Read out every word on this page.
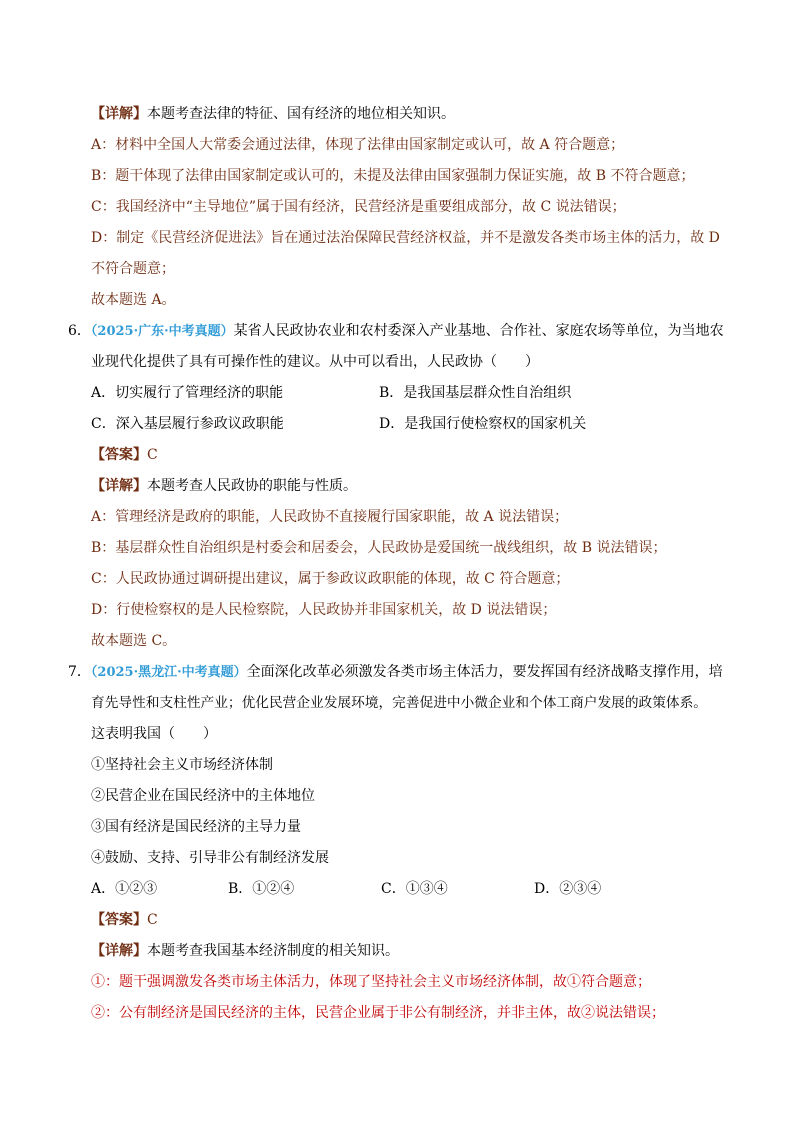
【详解】本题考查法律的特征、国有经济的地位相关知识。
A：材料中全国人大常委会通过法律，体现了法律由国家制定或认可，故 A 符合题意；
B：题干体现了法律由国家制定或认可的，未提及法律由国家强制力保证实施，故 B 不符合题意；
C：我国经济中“主导地位”属于国有经济，民营经济是重要组成部分，故 C 说法错误；
D：制定《民营经济促进法》旨在通过法治保障民营经济权益，并不是激发各类市场主体的活力，故 D
不符合题意；
故本题选 A。
6．（2025·广东·中考真题）某省人民政协农业和农村委深入产业基地、合作社、家庭农场等单位，为当地农
业现代化提供了具有可操作性的建议。从中可以看出，人民政协（　　）
A．切实履行了管理经济的职能	B．是我国基层群众性自治组织
C．深入基层履行参政议政职能	D．是我国行使检察权的国家机关
【答案】C
【详解】本题考查人民政协的职能与性质。
A：管理经济是政府的职能，人民政协不直接履行国家职能，故 A 说法错误；
B：基层群众性自治组织是村委会和居委会，人民政协是爱国统一战线组织，故 B 说法错误；
C：人民政协通过调研提出建议，属于参政议政职能的体现，故 C 符合题意；
D：行使检察权的是人民检察院，人民政协并非国家机关，故 D 说法错误；
故本题选 C。
7．（2025·黑龙江·中考真题）全面深化改革必须激发各类市场主体活力，要发挥国有经济战略支撑作用，培
育先导性和支柱性产业；优化民营企业发展环境，完善促进中小微企业和个体工商户发展的政策体系。
这表明我国（　　）
①坚持社会主义市场经济体制
②民营企业在国民经济中的主体地位
③国有经济是国民经济的主导力量
④鼓励、支持、引导非公有制经济发展
A．①②③	B．①②④	C．①③④	D．②③④
【答案】C
【详解】本题考查我国基本经济制度的相关知识。
①：题干强调激发各类市场主体活力，体现了坚持社会主义市场经济体制，故①符合题意；
②：公有制经济是国民经济的主体，民营企业属于非公有制经济，并非主体，故②说法错误；
